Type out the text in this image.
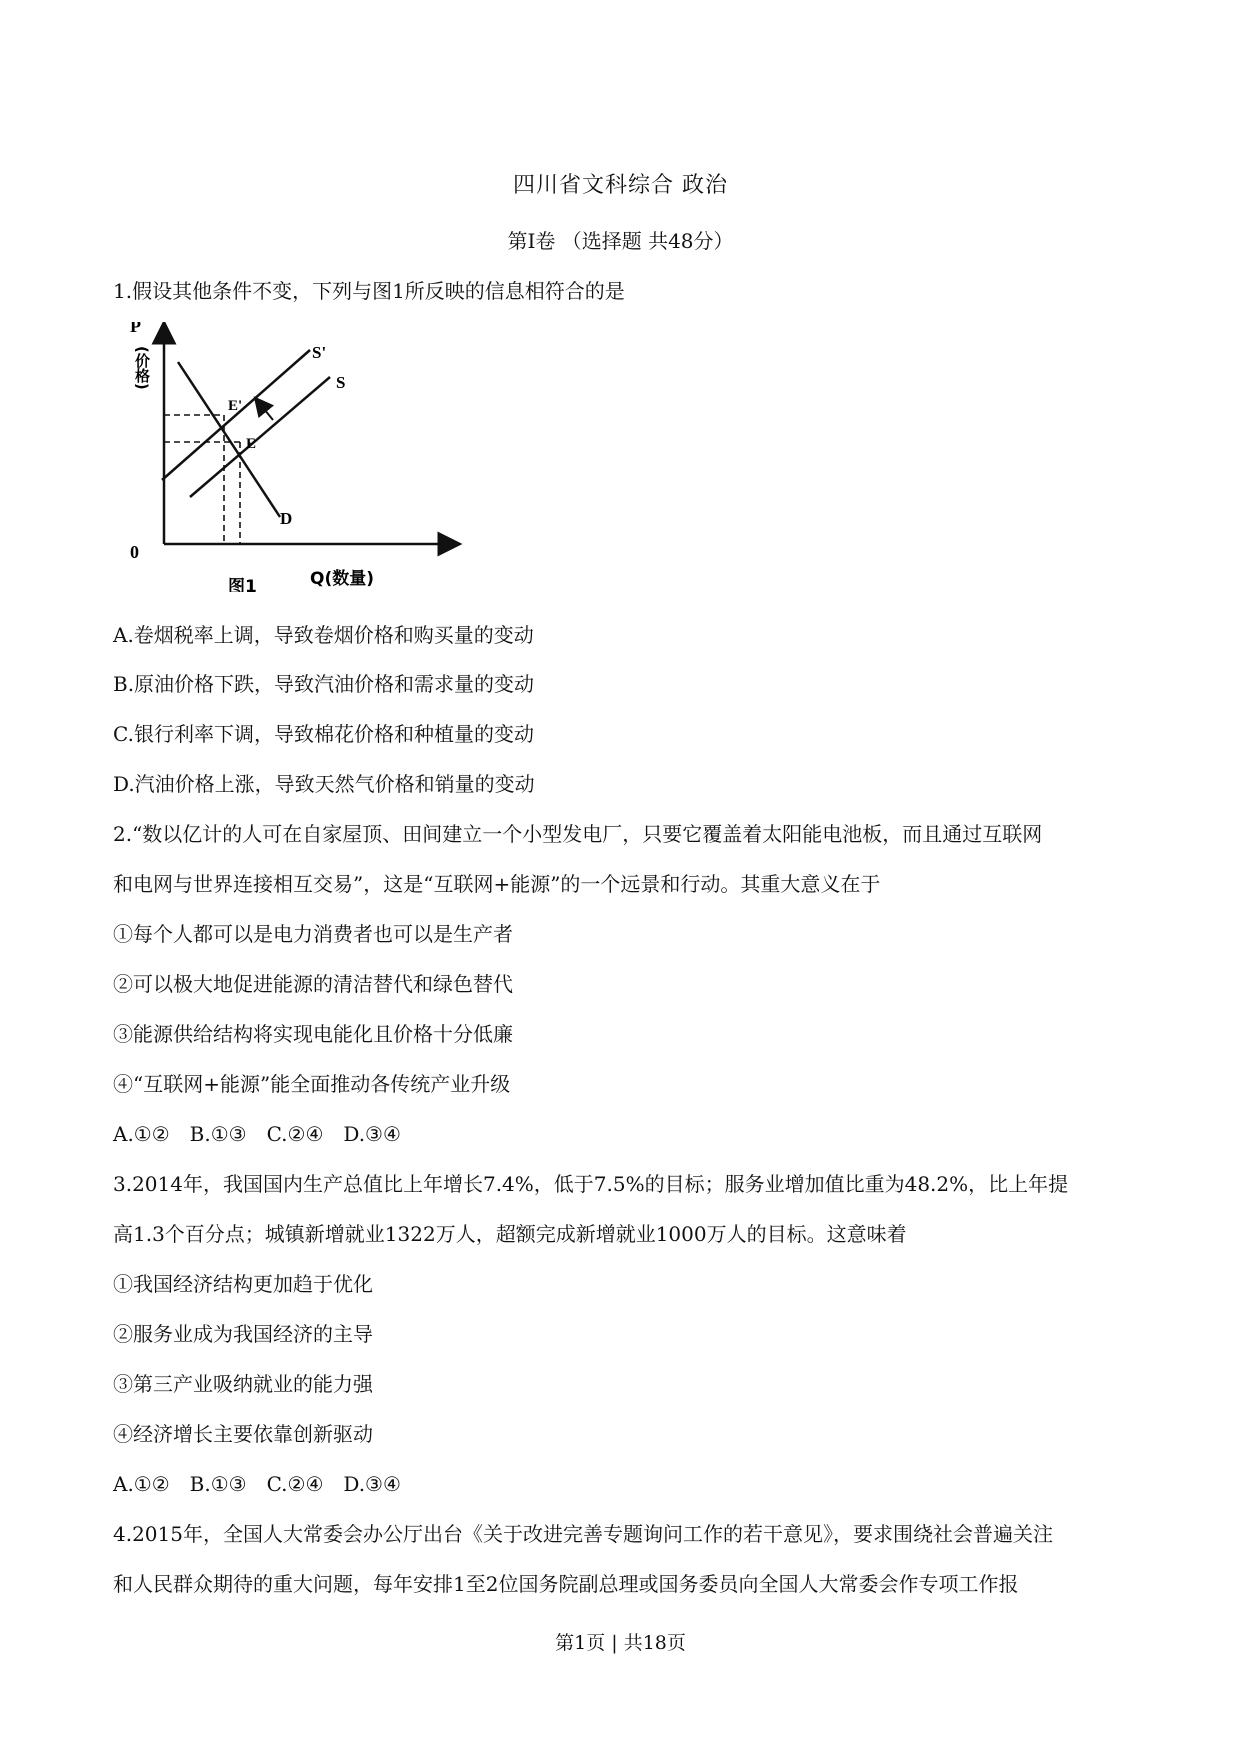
四川省文科综合 政治
第Ⅰ卷 （选择题 共48分）
1.假设其他条件不变，下列与图1所反映的信息相符合的是
P
(价格)
0
Q(数量)
图1
S'
S
E'
E
D
A.卷烟税率上调，导致卷烟价格和购买量的变动
B.原油价格下跌，导致汽油价格和需求量的变动
C.银行利率下调，导致棉花价格和种植量的变动
D.汽油价格上涨，导致天然气价格和销量的变动
2.“数以亿计的人可在自家屋顶、田间建立一个小型发电厂，只要它覆盖着太阳能电池板，而且通过互联网
和电网与世界连接相互交易”，这是“互联网+能源”的一个远景和行动。其重大意义在于
①每个人都可以是电力消费者也可以是生产者
②可以极大地促进能源的清洁替代和绿色替代
③能源供给结构将实现电能化且价格十分低廉
④“互联网+能源”能全面推动各传统产业升级
A.①②　B.①③　C.②④　D.③④
3.2014年，我国国内生产总值比上年增长7.4%，低于7.5%的目标；服务业增加值比重为48.2%，比上年提
高1.3个百分点；城镇新增就业1322万人，超额完成新增就业1000万人的目标。这意味着
①我国经济结构更加趋于优化
②服务业成为我国经济的主导
③第三产业吸纳就业的能力强
④经济增长主要依靠创新驱动
A.①②　B.①③　C.②④　D.③④
4.2015年，全国人大常委会办公厅出台《关于改进完善专题询问工作的若干意见》，要求围绕社会普遍关注
和人民群众期待的重大问题，每年安排1至2位国务院副总理或国务委员向全国人大常委会作专项工作报
第1页 | 共18页
